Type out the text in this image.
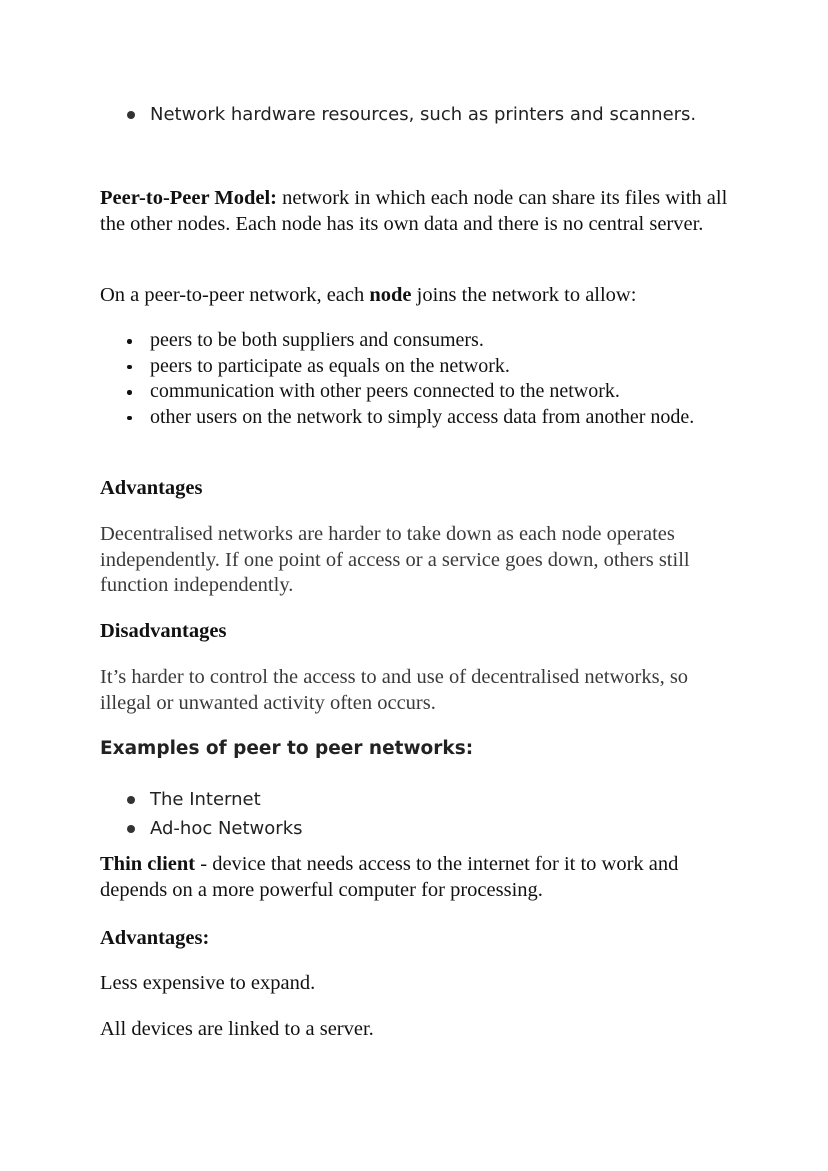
Network hardware resources, such as printers and scanners.

Peer-to-Peer Model: network in which each node can share its files with all the other nodes. Each node has its own data and there is no central server.

On a peer-to-peer network, each node joins the network to allow:

peers to be both suppliers and consumers.
peers to participate as equals on the network.
communication with other peers connected to the network.
other users on the network to simply access data from another node.
Advantages

Decentralised networks are harder to take down as each node operates independently. If one point of access or a service goes down, others still function independently.

Disadvantages

It’s harder to control the access to and use of decentralised networks, so illegal or unwanted activity often occurs.

Examples of peer to peer networks:
The Internet
Ad-hoc Networks

Thin client - device that needs access to the internet for it to work and depends on a more powerful computer for processing.

Advantages:

Less expensive to expand.

All devices are linked to a server.
